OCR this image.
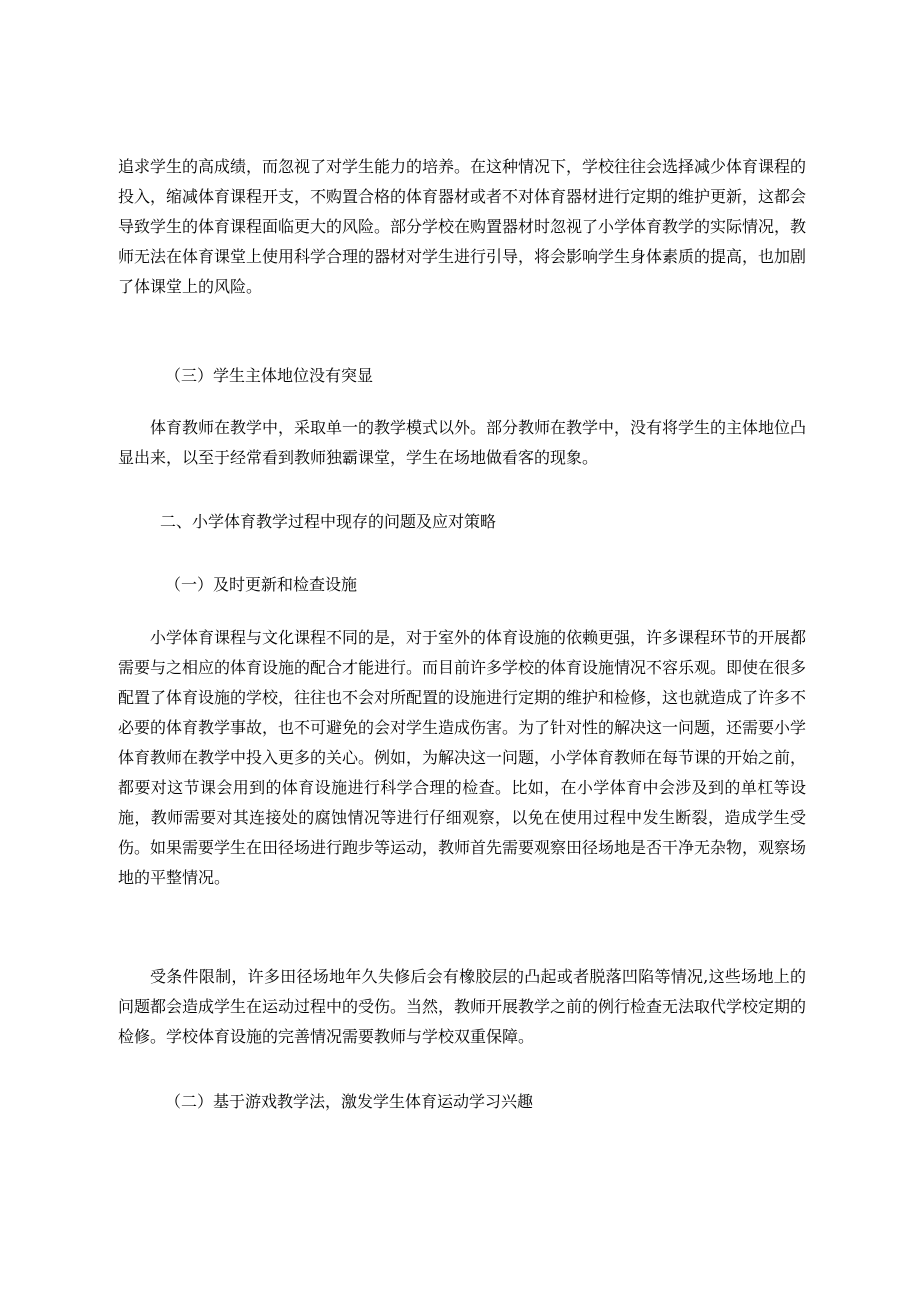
追求学生的高成绩，而忽视了对学生能力的培养。在这种情况下，学校往往会选择减少体育课程的投入，缩减体育课程开支，不购置合格的体育器材或者不对体育器材进行定期的维护更新，这都会导致学生的体育课程面临更大的风险。部分学校在购置器材时忽视了小学体育教学的实际情况，教师无法在体育课堂上使用科学合理的器材对学生进行引导，将会影响学生身体素质的提高，也加剧了体课堂上的风险。

（三）学生主体地位没有突显

体育教师在教学中，采取单一的教学模式以外。部分教师在教学中，没有将学生的主体地位凸显出来，以至于经常看到教师独霸课堂，学生在场地做看客的现象。

二、小学体育教学过程中现存的问题及应对策略

（一）及时更新和检查设施

小学体育课程与文化课程不同的是，对于室外的体育设施的依赖更强，许多课程环节的开展都需要与之相应的体育设施的配合才能进行。而目前许多学校的体育设施情况不容乐观。即使在很多配置了体育设施的学校，往往也不会对所配置的设施进行定期的维护和检修，这也就造成了许多不必要的体育教学事故，也不可避免的会对学生造成伤害。为了针对性的解决这一问题，还需要小学体育教师在教学中投入更多的关心。例如，为解决这一问题，小学体育教师在每节课的开始之前，都要对这节课会用到的体育设施进行科学合理的检查。比如，在小学体育中会涉及到的单杠等设施，教师需要对其连接处的腐蚀情况等进行仔细观察，以免在使用过程中发生断裂，造成学生受伤。如果需要学生在田径场进行跑步等运动，教师首先需要观察田径场地是否干净无杂物，观察场地的平整情况。

受条件限制，许多田径场地年久失修后会有橡胶层的凸起或者脱落凹陷等情况,这些场地上的问题都会造成学生在运动过程中的受伤。当然，教师开展教学之前的例行检查无法取代学校定期的检修。学校体育设施的完善情况需要教师与学校双重保障。

（二）基于游戏教学法，激发学生体育运动学习兴趣
